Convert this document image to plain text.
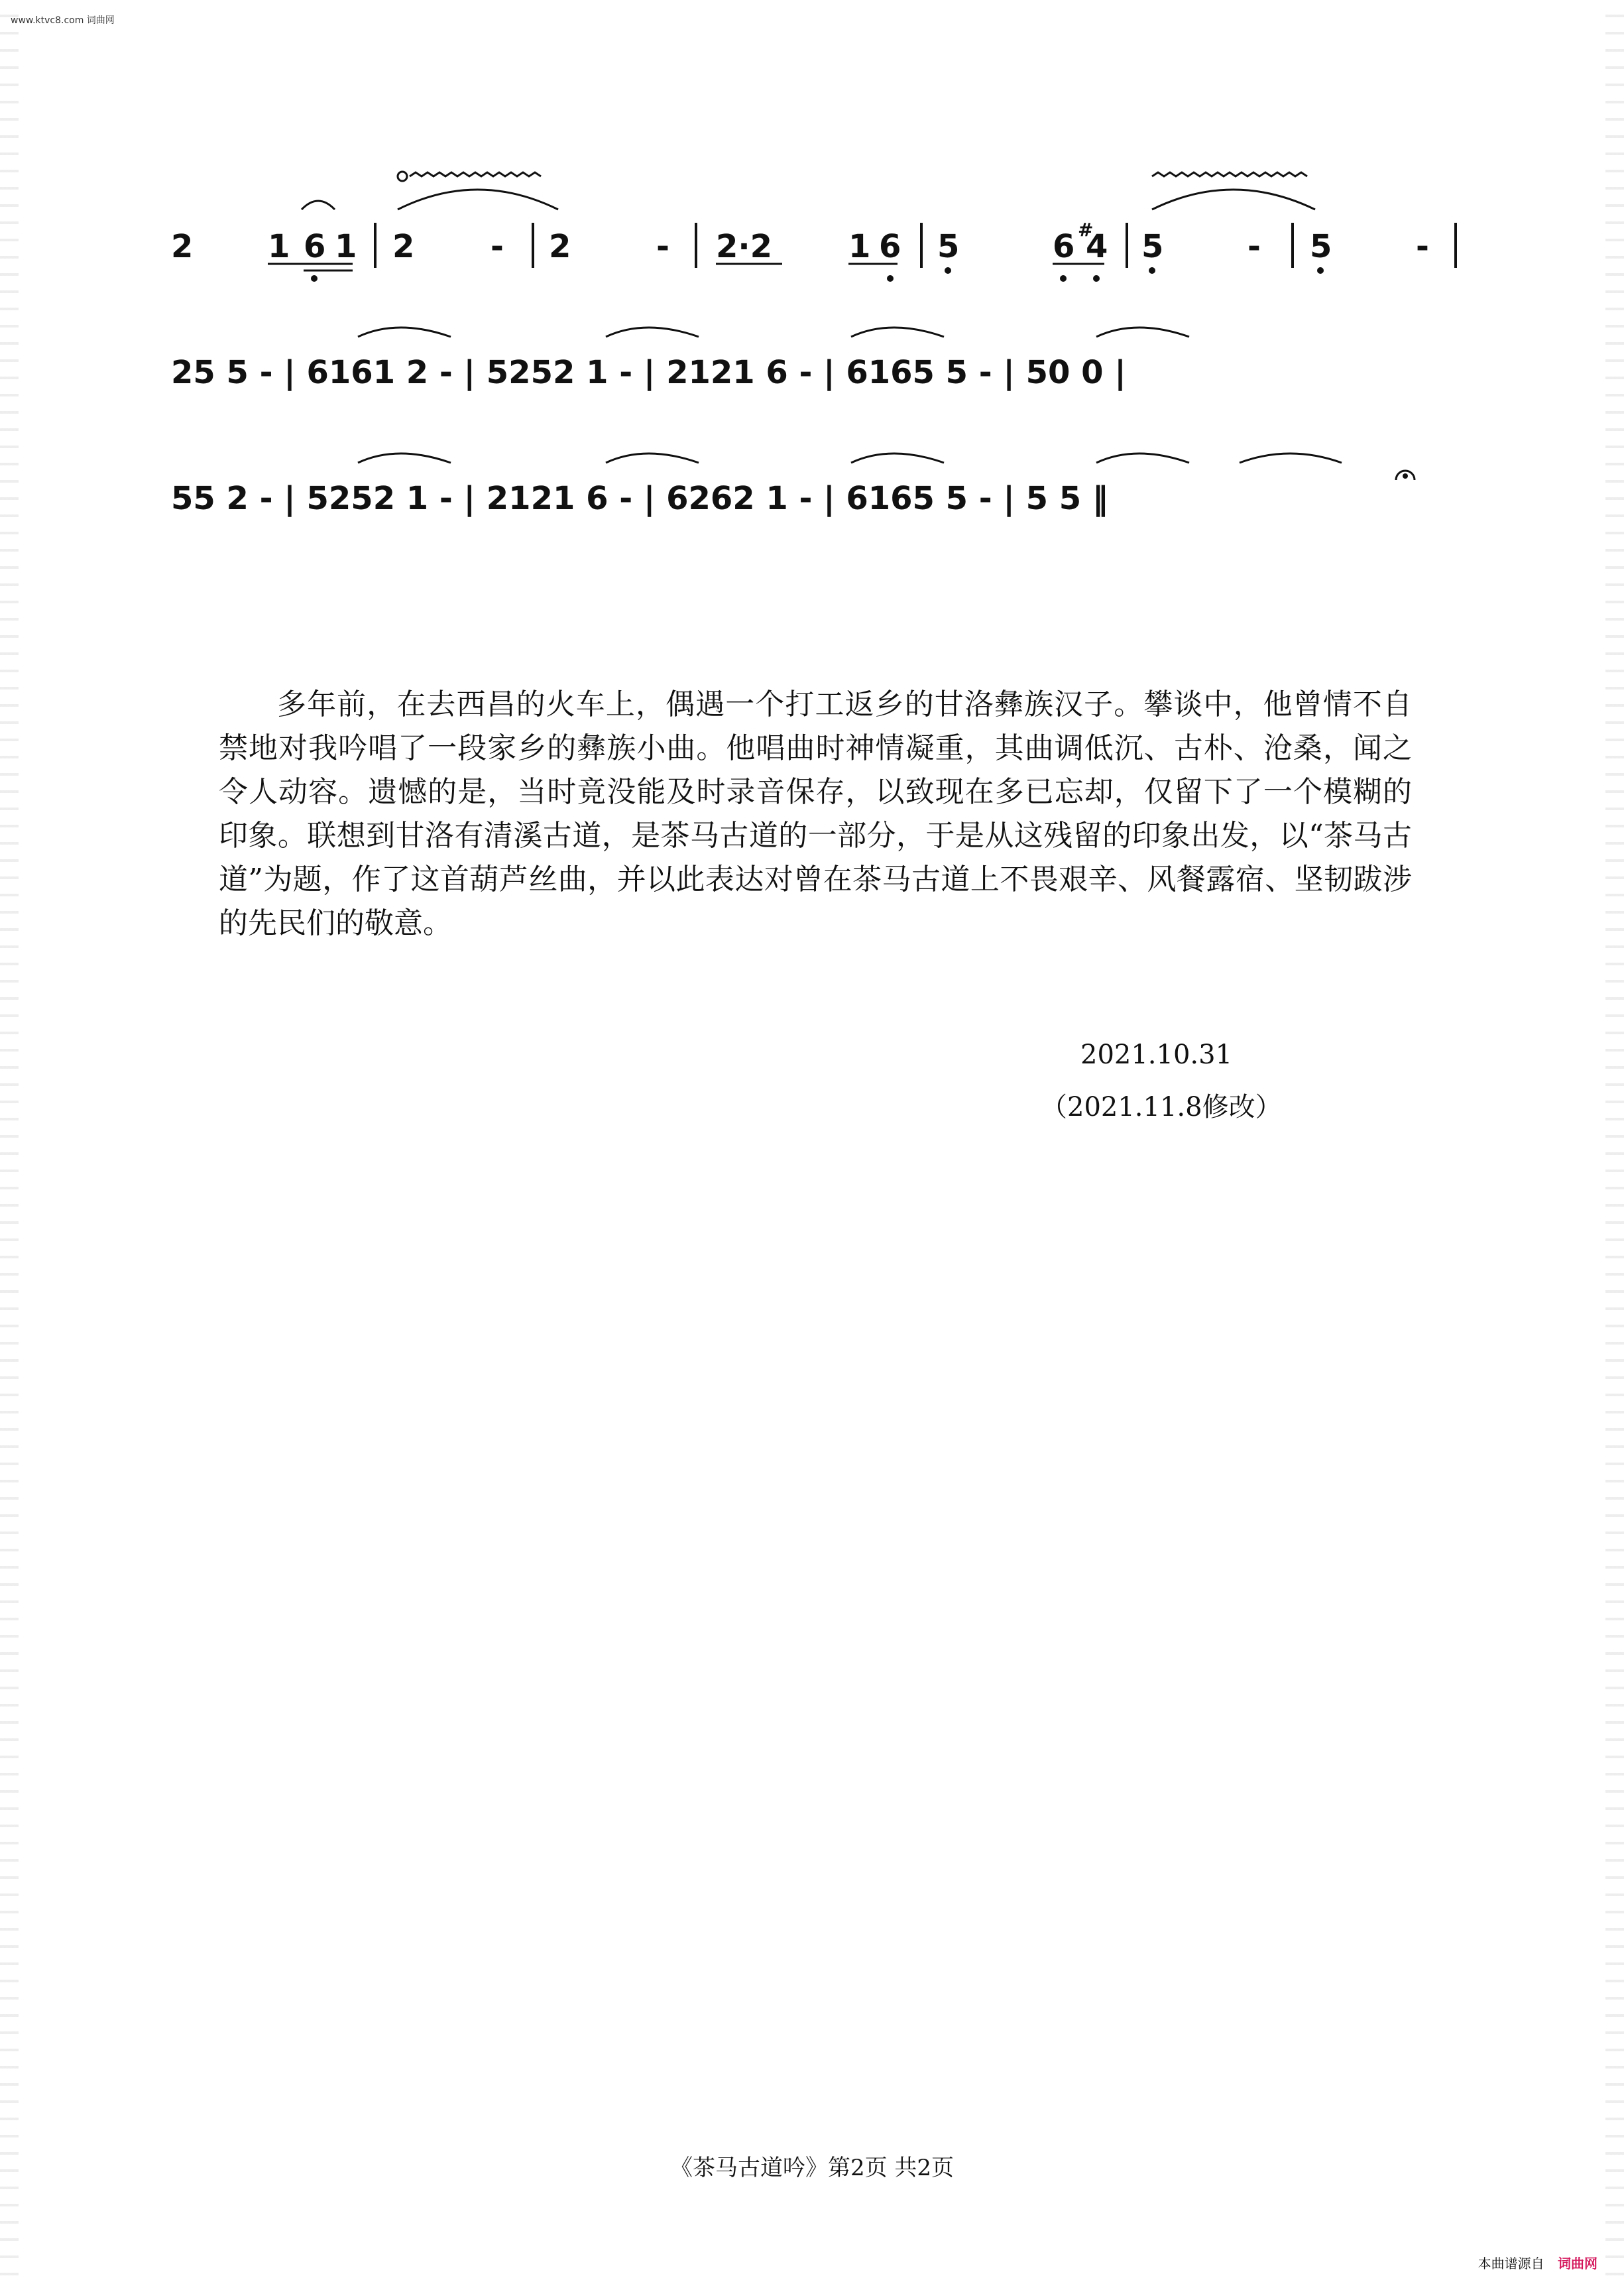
www.ktvc8.com 词曲网
2 1 6 1 2 - 2	- 2·2 1 6 5	6 #
4 5	- 5	-
25 5 - | 6161 2 - | 5252 1 - | 2121 6 - | 6165 5 - | 50 0 |
55 2 - | 5252 1 - | 2121 6 - | 6262 1 - | 6165 5 - | 5 5 ‖

多年前，在去西昌的火车上，偶遇一个打工返乡的甘洛彝族汉子。攀谈中，他曾情不自禁地对我吟唱了一段家乡的彝族小曲。他唱曲时神情凝重，其曲调低沉、古朴、沧桑，闻之令人动容。遗憾的是，当时竟没能及时录音保存，以致现在多已忘却，仅留下了一个模糊的印象。联想到甘洛有清溪古道，是茶马古道的一部分，于是从这残留的印象出发，以“茶马古道”为题，作了这首葫芦丝曲，并以此表达对曾在茶马古道上不畏艰辛、风餐露宿、坚韧跋涉的先民们的敬意。

2021.10.31
（2021.11.8修改）
《茶马古道吟》第2页 共2页
本曲谱源自 词曲网
